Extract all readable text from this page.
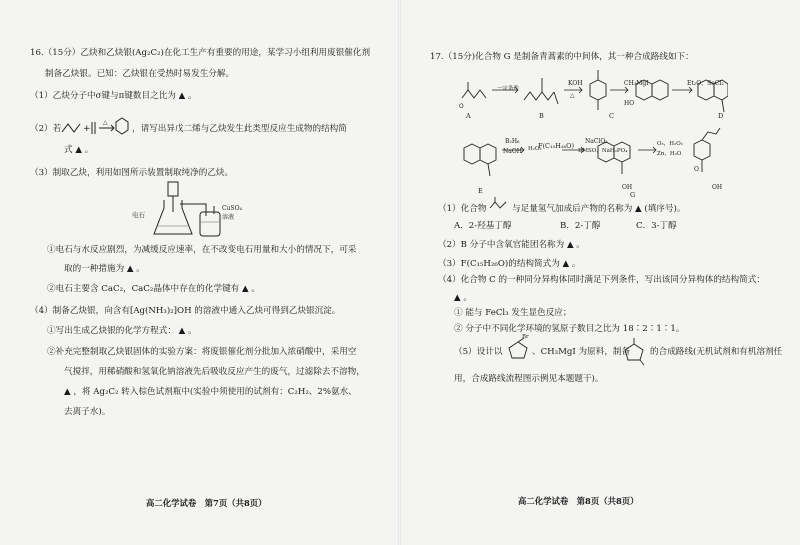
16.（15分）乙炔和乙炔银(Ag₂C₂)在化工生产有重要的用途，某学习小组利用废银催化剂
制备乙炔银。已知：乙炔银在受热时易发生分解。
（1）乙炔分子中σ键与π键数目之比为 ▲ 。
（2）若 +
△
，请写出异戊二烯与乙炔发生此类型反应生成物的结构简
式 ▲ 。
（3）制取乙炔，利用如图所示装置制取纯净的乙炔。
电石
CuSO₄
溶液
①电石与水反应剧烈，为减缓反应速率，在不改变电石用量和大小的情况下，可采
取的一种措施为 ▲ 。
②电石主要含 CaC₂，CaC₂晶体中存在的化学键有 ▲ 。
（4）制备乙炔银，向含有[Ag(NH₃)₂]OH 的溶液中通入乙炔可得到乙炔银沉淀。
①写出生成乙炔银的化学方程式： ▲ 。
②补充完整制取乙炔银固体的实验方案：将废银催化剂分批加入浓硝酸中，采用空
气搅拌，用稀硝酸和氢氧化钠溶液先后吸收反应产生的废气，过滤除去不溶物，
▲ ，将 Ag₂C₂ 转入棕色试剂瓶中(实验中须使用的试剂有：C₂H₂、2%氨水、
去离子水)。
高二化学试卷　第7页（共8页）
17.（15分)化合物 G 是制备青蒿素的中间体，其一种合成路线如下：
O
一定条件
KOH
△
CH₃MgI	Et₂O，SoCl₂
HO
A	B	C	D
B₂H₆
NaOH H₂O₂
F(C₁₅H₂₆O)
NaClO₂
DMSO，NaH₂PO₄
O₃，H₂O₂
Zn，H₂O
E	OH
G
OH
O
（1）化合物	与足量氢气加成后产物的名称为 ▲ (填序号)。
A．2-羟基丁醇	B．2-丁醇	C．3-丁醇
（2）B 分子中含氧官能团名称为 ▲ 。
（3）F(C₁₅H₂₆O)的结构简式为 ▲ 。
（4）化合物 C 的一种同分异构体同时满足下列条件，写出该同分异构体的结构简式：
▲ 。
① 能与 FeCl₃ 发生显色反应；
② 分子中不同化学环境的氢原子数目之比为 18∶2∶1∶1。
（5）设计以
Br
、CH₃MgI 为原料，制备 的合成路线(无机试剂和有机溶剂任
用，合成路线流程图示例见本题题干)。
高二化学试卷　第8页（共8页）
